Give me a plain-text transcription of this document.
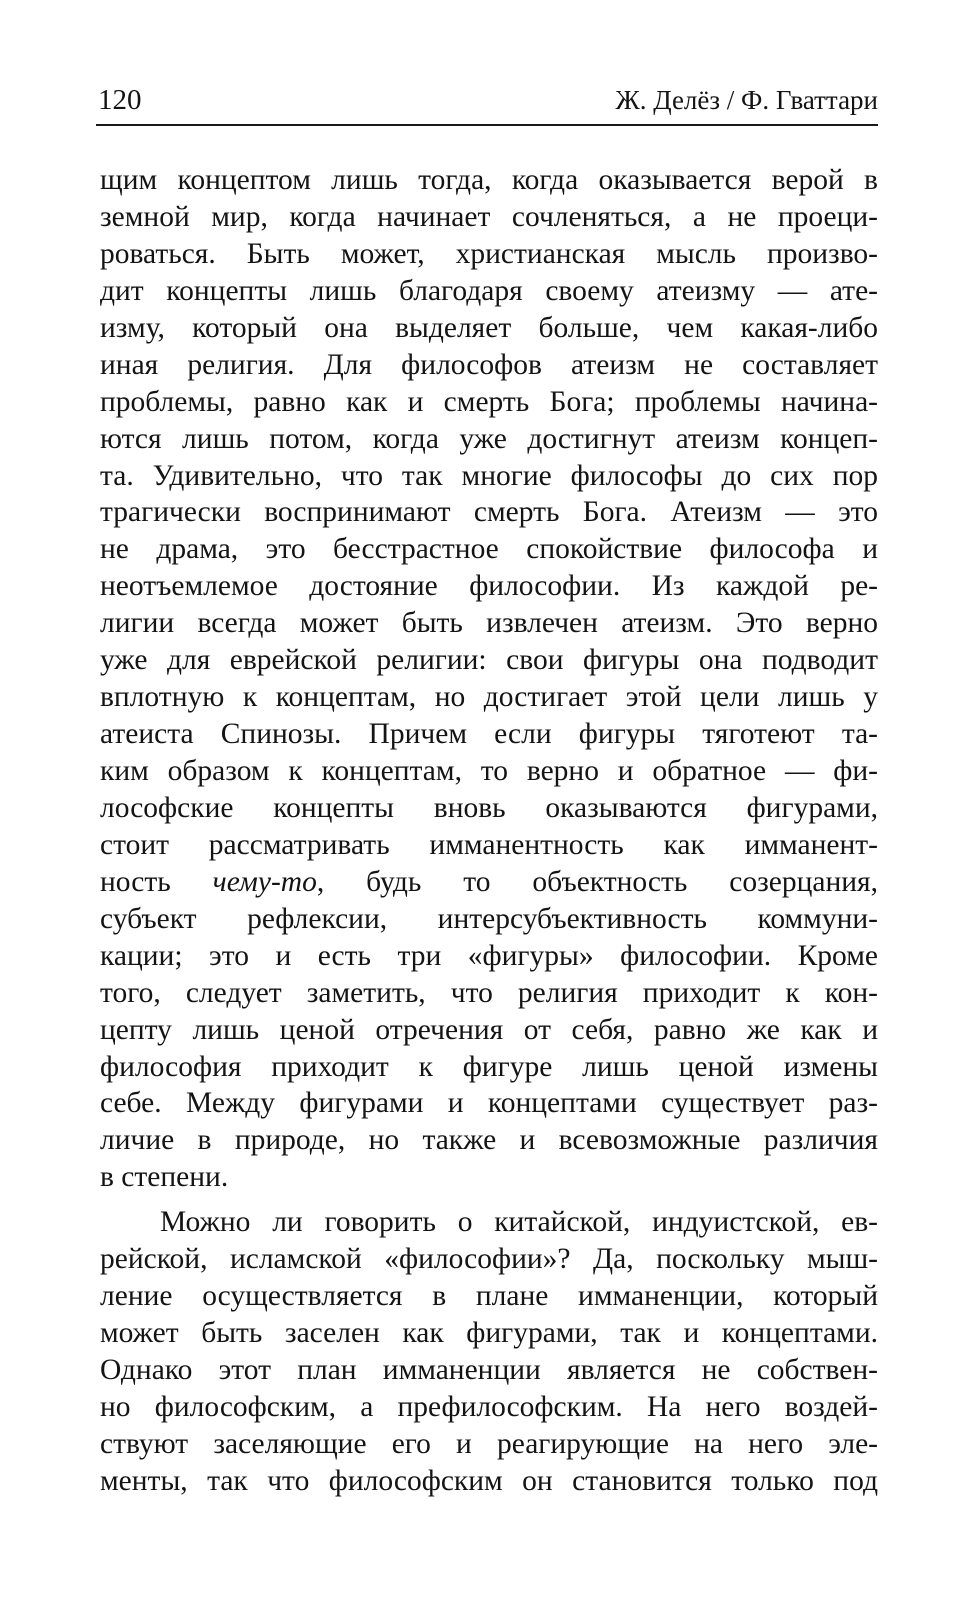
120	Ж. Делёз / Ф. Гваттари
щим концептом лишь тогда, когда оказывается верой в
земной мир, когда начинает сочленяться, а не проеци-
роваться. Быть может, христианская мысль произво-
дит концепты лишь благодаря своему атеизму — ате-
изму, который она выделяет больше, чем какая-либо
иная религия. Для философов атеизм не составляет
проблемы, равно как и смерть Бога; проблемы начина-
ются лишь потом, когда уже достигнут атеизм концеп-
та. Удивительно, что так многие философы до сих пор
трагически воспринимают смерть Бога. Атеизм — это
не драма, это бесстрастное спокойствие философа и
неотъемлемое достояние философии. Из каждой ре-
лигии всегда может быть извлечен атеизм. Это верно
уже для еврейской религии: свои фигуры она подводит
вплотную к концептам, но достигает этой цели лишь у
атеиста Спинозы. Причем если фигуры тяготеют та-
ким образом к концептам, то верно и обратное — фи-
лософские концепты вновь оказываются фигурами,
стоит рассматривать имманентность как имманент-
ность чему-то, будь то объектность созерцания,
субъект рефлексии, интерсубъективность коммуни-
кации; это и есть три «фигуры» философии. Кроме
того, следует заметить, что религия приходит к кон-
цепту лишь ценой отречения от себя, равно же как и
философия приходит к фигуре лишь ценой измены
себе. Между фигурами и концептами существует раз-
личие в природе, но также и всевозможные различия
в степени.
Можно ли говорить о китайской, индуистской, ев-
рейской, исламской «философии»? Да, поскольку мыш-
ление осуществляется в плане имманенции, который
может быть заселен как фигурами, так и концептами.
Однако этот план имманенции является не собствен-
но философским, а префилософским. На него воздей-
ствуют заселяющие его и реагирующие на него эле-
менты, так что философским он становится только под
